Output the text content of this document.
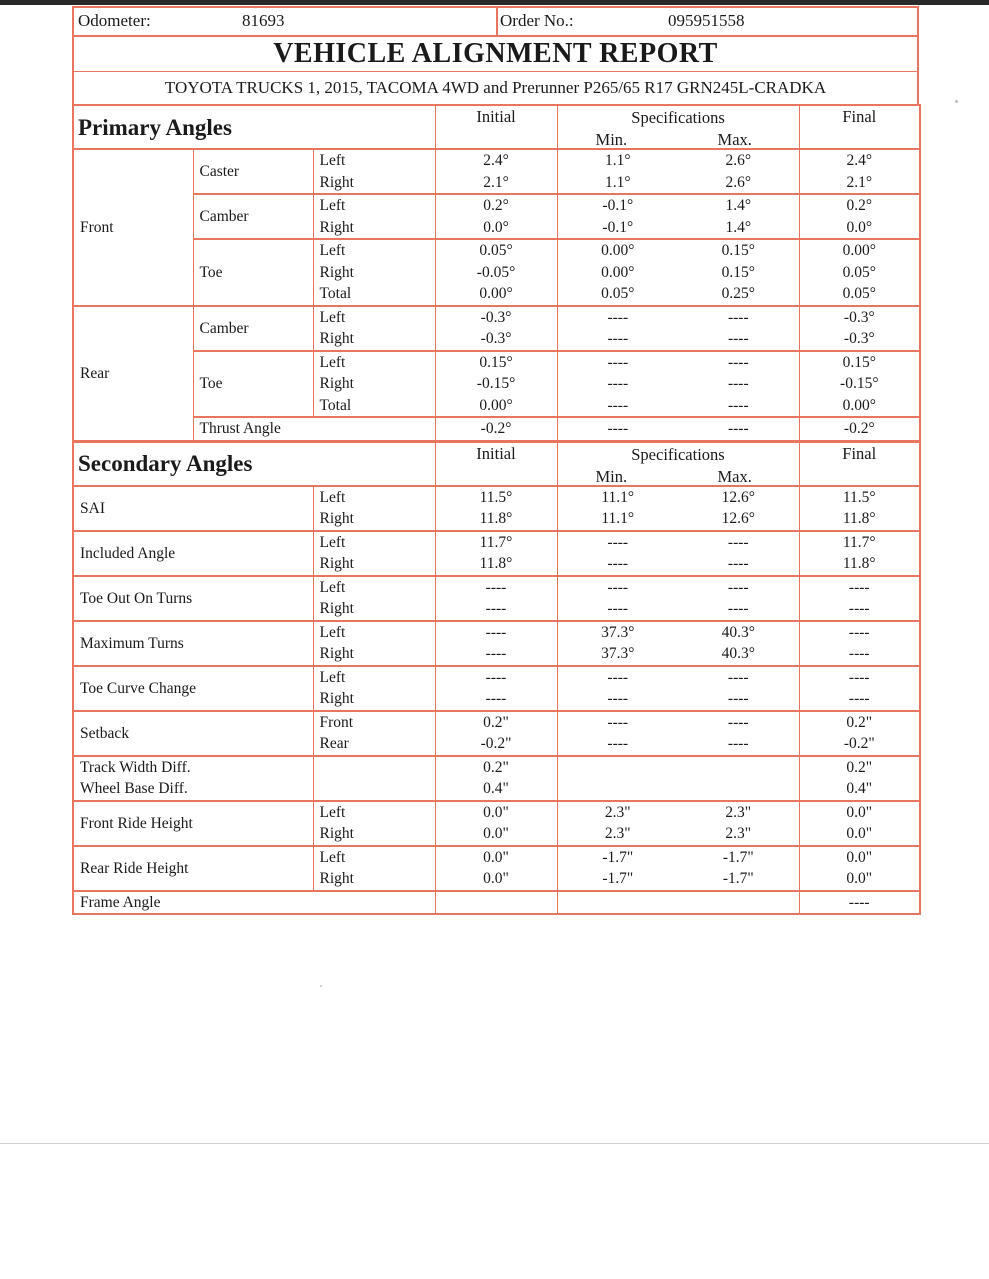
Odometer:	81693	Order No.:	095951558
VEHICLE ALIGNMENT REPORT
TOYOTA TRUCKS 1, 2015, TACOMA 4WD and Prerunner P265/65 R17 GRN245L-CRADKA
Primary Angles			Initial	Specifications
Min. Max.		Final
Front	Caster	Left	2.4°	1.1°	2.6°	2.4°
		Right	2.1°	1.1°	2.6°	2.1°
	Camber	Left	0.2°	-0.1°	1.4°	0.2°
		Right	0.0°	-0.1°	1.4°	0.0°
	Toe	Left	0.05°	0.00°	0.15°	0.00°
		Right	-0.05°	0.00°	0.15°	0.05°
		Total	0.00°	0.05°	0.25°	0.05°
Rear	Camber	Left	-0.3°	----	----	-0.3°
		Right	-0.3°	----	----	-0.3°
	Toe	Left	0.15°	----	----	0.15°
		Right	-0.15°	----	----	-0.15°
		Total	0.00°	----	----	0.00°
	Thrust Angle		-0.2°	----	----	-0.2°
Secondary Angles		Initial	Specifications
Min. Max.		Final
SAI	Left	11.5°	11.1°	12.6°	11.5°
	Right	11.8°	11.1°	12.6°	11.8°
Included Angle	Left	11.7°	----	----	11.7°
	Right	11.8°	----	----	11.8°
Toe Out On Turns	Left	----	----	----	----
	Right	----	----	----	----
Maximum Turns	Left	----	37.3°	40.3°	----
	Right	----	37.3°	40.3°	----
Toe Curve Change	Left	----	----	----	----
	Right	----	----	----	----
Setback	Front	0.2"	----	----	0.2"
	Rear	-0.2"	----	----	-0.2"
Track Width Diff.		0.2"			0.2"
Wheel Base Diff.		0.4"			0.4"
Front Ride Height	Left	0.0"	2.3"	2.3"	0.0"
	Right	0.0"	2.3"	2.3"	0.0"
Rear Ride Height	Left	0.0"	-1.7"	-1.7"	0.0"
	Right	0.0"	-1.7"	-1.7"	0.0"
Frame Angle					----
